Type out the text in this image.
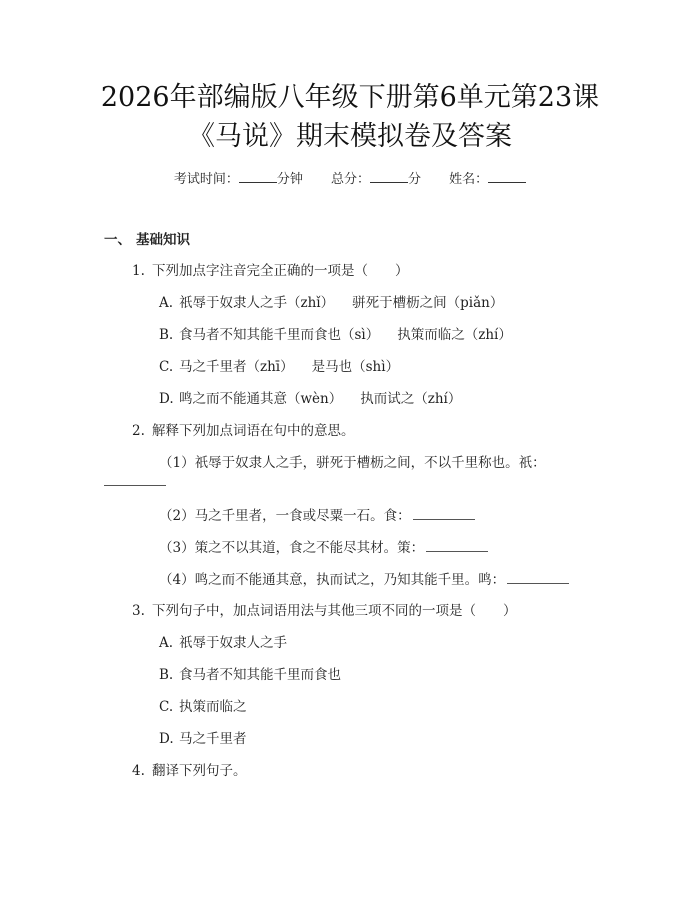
2026年部编版八年级下册第6单元第23课
《马说》期末模拟卷及答案
考试时间：	分钟 总分：	分 姓名：
一、 基础知识
1. 下列加点字注音完全正确的一项是（　　）
A. 祇辱于奴隶人之手（zhǐ） 骈死于槽枥之间（piǎn）
B. 食马者不知其能千里而食也（sì） 执策而临之（zhí）
C. 马之千里者（zhī） 是马也（shì）
D. 鸣之而不能通其意（wèn） 执而试之（zhí）
2. 解释下列加点词语在句中的意思。
（1）祇辱于奴隶人之手，骈死于槽枥之间，不以千里称也。祇：
（2）马之千里者，一食或尽粟一石。食：
（3）策之不以其道，食之不能尽其材。策：
（4）鸣之而不能通其意，执而试之，乃知其能千里。鸣：
3. 下列句子中，加点词语用法与其他三项不同的一项是（　　）
A. 祇辱于奴隶人之手
B. 食马者不知其能千里而食也
C. 执策而临之
D. 马之千里者
4. 翻译下列句子。
